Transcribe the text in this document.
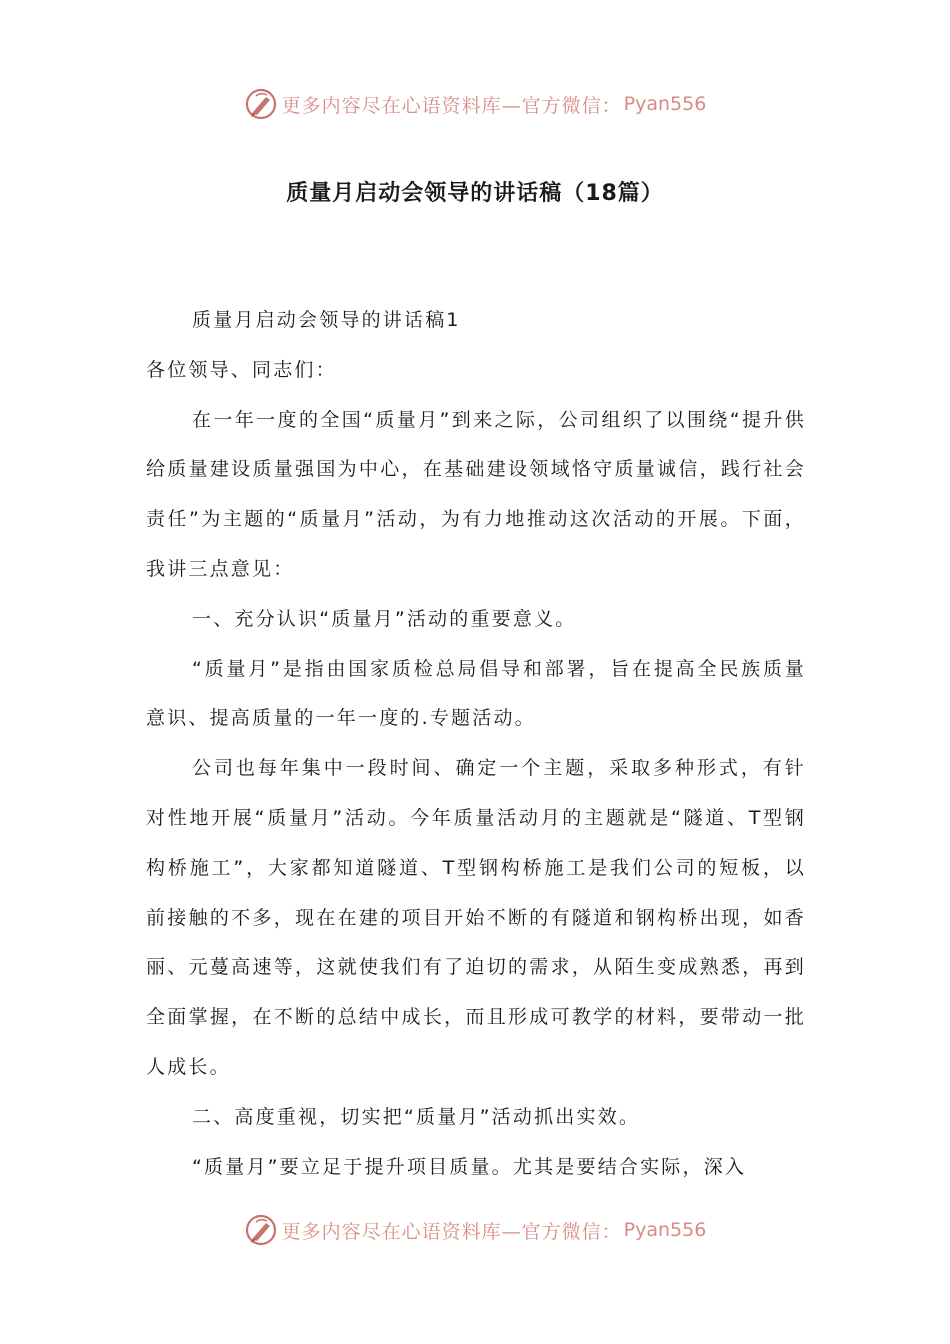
更多内容尽在心语资料库—官方微信： Pyan556
质量月启动会领导的讲话稿（18篇）

质量月启动会领导的讲话稿1

各位领导、同志们：

在一年一度的全国“质量月”到来之际，公司组织了以围绕“提升供给质量建设质量强国为中心，在基础建设领域恪守质量诚信，践行社会责任”为主题的“质量月”活动，为有力地推动这次活动的开展。下面，我讲三点意见：

一、充分认识“质量月”活动的重要意义。

“质量月”是指由国家质检总局倡导和部署，旨在提高全民族质量意识、提高质量的一年一度的.专题活动。

公司也每年集中一段时间、确定一个主题，采取多种形式，有针对性地开展“质量月”活动。今年质量活动月的主题就是“隧道、T型钢构桥施工”，大家都知道隧道、T型钢构桥施工是我们公司的短板，以前接触的不多，现在在建的项目开始不断的有隧道和钢构桥出现，如香丽、元蔓高速等，这就使我们有了迫切的需求，从陌生变成熟悉，再到全面掌握，在不断的总结中成长，而且形成可教学的材料，要带动一批人成长。

二、高度重视，切实把“质量月”活动抓出实效。

“质量月”要立足于提升项目质量。尤其是要结合实际，深入

更多内容尽在心语资料库—官方微信： Pyan556
